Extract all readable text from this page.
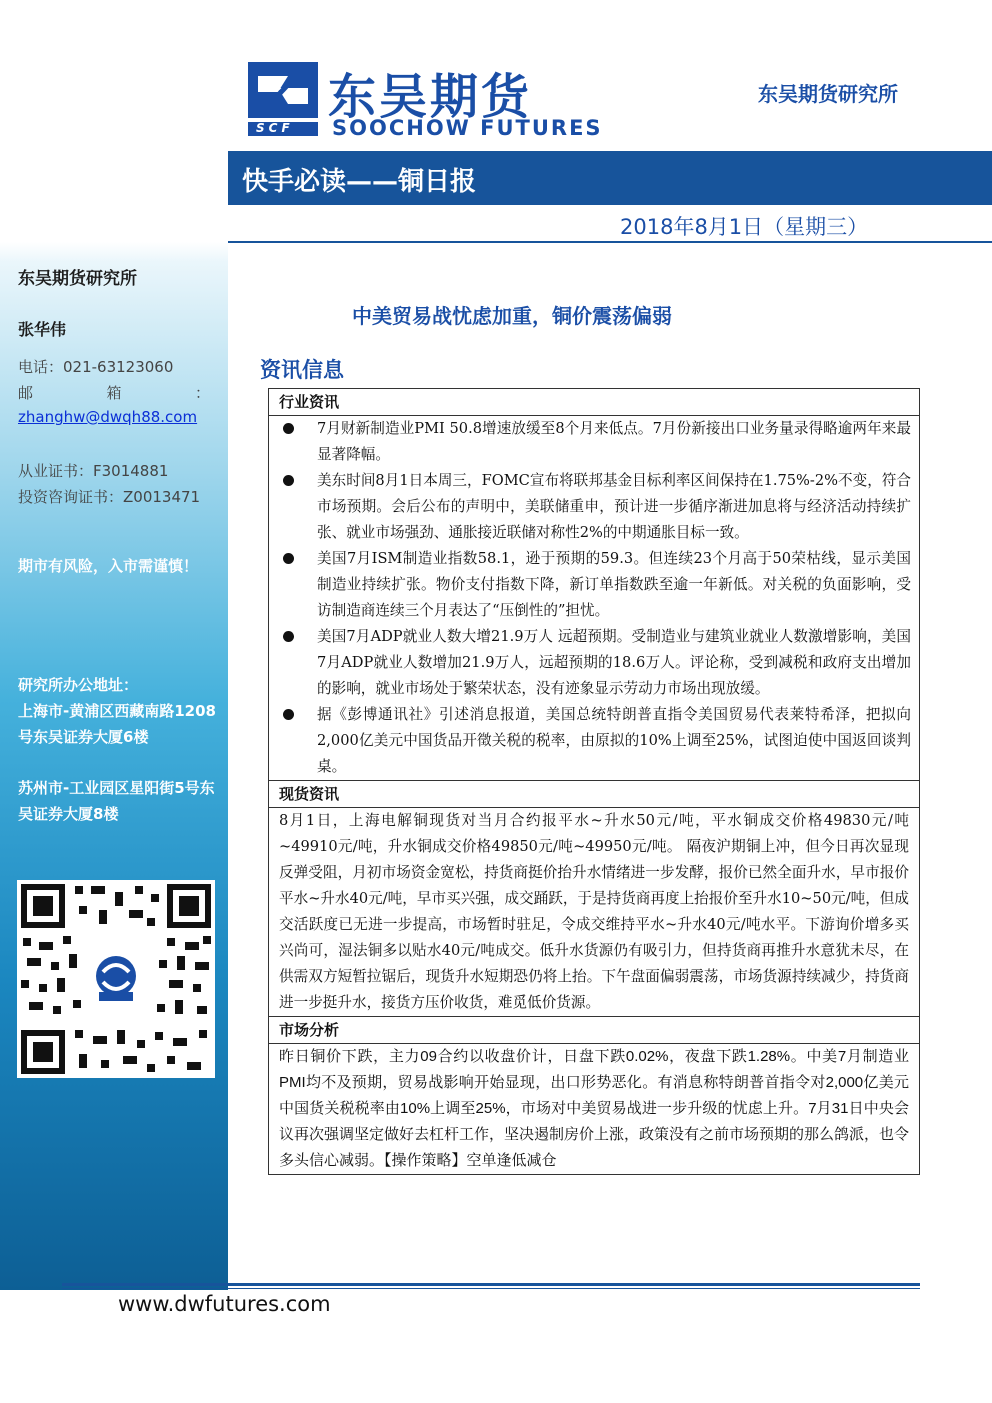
东吴期货研究所
张华伟
电话：021-63123060
邮	箱	：
zhanghw@dwqh88.com
从业证书：F3014881
投资咨询证书：Z0013471
期市有风险，入市需谨慎！
研究所办公地址：
上海市-黄浦区西藏南路1208号东吴证券大厦6楼
苏州市-工业园区星阳街5号东吴证券大厦8楼
SCF
东吴期货
SOOCHOW FUTURES
东吴期货研究所
快手必读——铜日报
2018年8月1日（星期三）
中美贸易战忧虑加重，铜价震荡偏弱
资讯信息
行业资讯
7月财新制造业PMI 50.8增速放缓至8个月来低点。7月份新接出口业务量录得略逾两年来最显著降幅。
美东时间8月1日本周三，FOMC宣布将联邦基金目标利率区间保持在1.75%-2%不变，符合市场预期。会后公布的声明中，美联储重申，预计进一步循序渐进加息将与经济活动持续扩张、就业市场强劲、通胀接近联储对称性2%的中期通胀目标一致。
美国7月ISM制造业指数58.1，逊于预期的59.3。但连续23个月高于50荣枯线，显示美国制造业持续扩张。物价支付指数下降，新订单指数跌至逾一年新低。对关税的负面影响，受访制造商连续三个月表达了“压倒性的”担忧。
美国7月ADP就业人数大增21.9万人 远超预期。受制造业与建筑业就业人数激增影响，美国7月ADP就业人数增加21.9万人，远超预期的18.6万人。评论称，受到减税和政府支出增加的影响，就业市场处于繁荣状态，没有迹象显示劳动力市场出现放缓。
据《彭博通讯社》引述消息报道，美国总统特朗普直指令美国贸易代表莱特希泽，把拟向2,000亿美元中国货品开徵关税的税率，由原拟的10%上调至25%，试图迫使中国返回谈判桌。
现货资讯
8月1日，上海电解铜现货对当月合约报平水~升水50元/吨，平水铜成交价格49830元/吨~49910元/吨，升水铜成交价格49850元/吨~49950元/吨。 隔夜沪期铜上冲，但今日再次显现反弹受阻，月初市场资金宽松，持货商挺价抬升水情绪进一步发酵，报价已然全面升水，早市报价平水~升水40元/吨，早市买兴强，成交踊跃，于是持货商再度上抬报价至升水10~50元/吨，但成交活跃度已无进一步提高，市场暂时驻足，令成交维持平水~升水40元/吨水平。下游询价增多买兴尚可，湿法铜多以贴水40元/吨成交。低升水货源仍有吸引力，但持货商再推升水意犹未尽，在供需双方短暂拉锯后，现货升水短期恐仍将上抬。下午盘面偏弱震荡，市场货源持续减少，持货商进一步挺升水，接货方压价收货，难觅低价货源。
市场分析
昨日铜价下跌，主力09合约以收盘价计，日盘下跌0.02%，夜盘下跌1.28%。中美7月制造业PMI均不及预期，贸易战影响开始显现，出口形势恶化。有消息称特朗普首指令对2,000亿美元中国货关税税率由10%上调至25%，市场对中美贸易战进一步升级的忧虑上升。7月31日中央会议再次强调坚定做好去杠杆工作，坚决遏制房价上涨，政策没有之前市场预期的那么鸽派，也令多头信心减弱。【操作策略】空单逢低减仓
www.dwfutures.com
